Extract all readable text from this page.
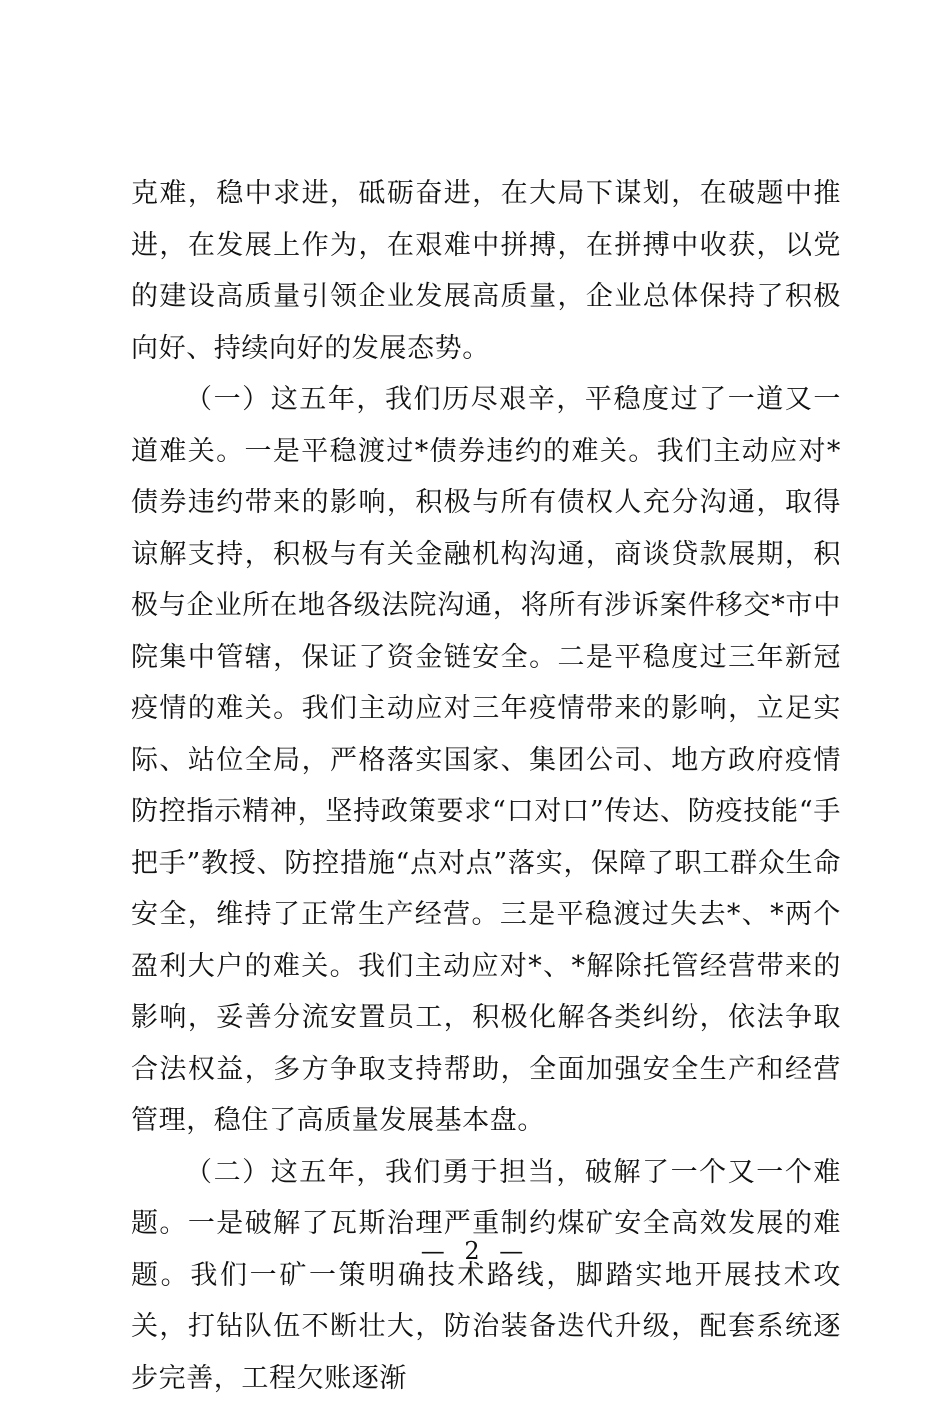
克难，稳中求进，砥砺奋进，在大局下谋划，在破题中推进，在发展上作为，在艰难中拼搏，在拼搏中收获，以党的建设高质量引领企业发展高质量，企业总体保持了积极向好、持续向好的发展态势。

（一）这五年，我们历尽艰辛，平稳度过了一道又一道难关。一是平稳渡过*债券违约的难关。我们主动应对*债券违约带来的影响，积极与所有债权人充分沟通，取得谅解支持，积极与有关金融机构沟通，商谈贷款展期，积极与企业所在地各级法院沟通，将所有涉诉案件移交*市中院集中管辖，保证了资金链安全。二是平稳度过三年新冠疫情的难关。我们主动应对三年疫情带来的影响，立足实际、站位全局，严格落实国家、集团公司、地方政府疫情防控指示精神，坚持政策要求“口对口”传达、防疫技能“手把手”教授、防控措施“点对点”落实，保障了职工群众生命安全，维持了正常生产经营。三是平稳渡过失去*、*两个盈利大户的难关。我们主动应对*、*解除托管经营带来的影响，妥善分流安置员工，积极化解各类纠纷，依法争取合法权益，多方争取支持帮助，全面加强安全生产和经营管理，稳住了高质量发展基本盘。

（二）这五年，我们勇于担当，破解了一个又一个难题。一是破解了瓦斯治理严重制约煤矿安全高效发展的难题。我们一矿一策明确技术路线，脚踏实地开展技术攻关，打钻队伍不断壮大，防治装备迭代升级，配套系统逐步完善，工程欠账逐渐

— 2 —
